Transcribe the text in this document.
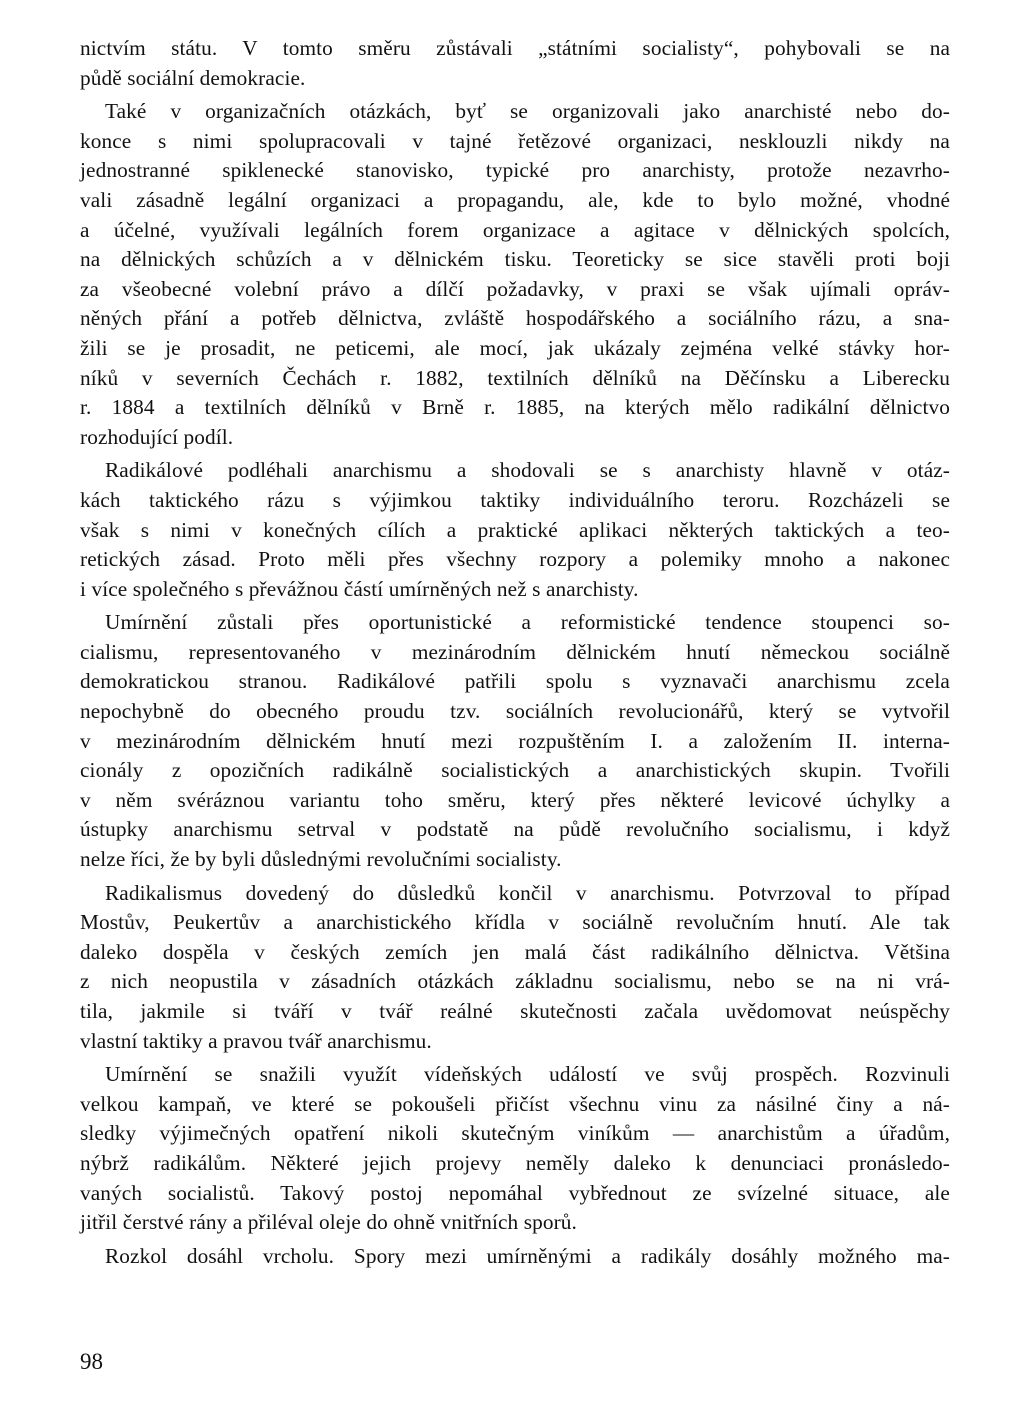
nictvím státu. V tomto směru zůstávali „státními socialisty“, pohybovali se na
půdě sociální demokracie.
Také v organizačních otázkách, byť se organizovali jako anarchisté nebo do-
konce s nimi spolupracovali v tajné řetězové organizaci, nesklouzli nikdy na
jednostranné spiklenecké stanovisko, typické pro anarchisty, protože nezavrho-
vali zásadně legální organizaci a propagandu, ale, kde to bylo možné, vhodné
a účelné, využívali legálních forem organizace a agitace v dělnických spolcích,
na dělnických schůzích a v dělnickém tisku. Teoreticky se sice stavěli proti boji
za všeobecné volební právo a dílčí požadavky, v praxi se však ujímali opráv-
něných přání a potřeb dělnictva, zvláště hospodářského a sociálního rázu, a sna-
žili se je prosadit, ne peticemi, ale mocí, jak ukázaly zejména velké stávky hor-
níků v severních Čechách r. 1882, textilních dělníků na Děčínsku a Liberecku
r. 1884 a textilních dělníků v Brně r. 1885, na kterých mělo radikální dělnictvo
rozhodující podíl.
Radikálové podléhali anarchismu a shodovali se s anarchisty hlavně v otáz-
kách taktického rázu s výjimkou taktiky individuálního teroru. Rozcházeli se
však s nimi v konečných cílích a praktické aplikaci některých taktických a teo-
retických zásad. Proto měli přes všechny rozpory a polemiky mnoho a nakonec
i více společného s převážnou částí umírněných než s anarchisty.
Umírnění zůstali přes oportunistické a reformistické tendence stoupenci so-
cialismu, representovaného v mezinárodním dělnickém hnutí německou sociálně
demokratickou stranou. Radikálové patřili spolu s vyznavači anarchismu zcela
nepochybně do obecného proudu tzv. sociálních revolucionářů, který se vytvořil
v mezinárodním dělnickém hnutí mezi rozpuštěním I. a založením II. interna-
cionály z opozičních radikálně socialistických a anarchistických skupin. Tvořili
v něm svéráznou variantu toho směru, který přes některé levicové úchylky a
ústupky anarchismu setrval v podstatě na půdě revolučního socialismu, i když
nelze říci, že by byli důslednými revolučními socialisty.
Radikalismus dovedený do důsledků končil v anarchismu. Potvrzoval to případ
Mostův, Peukertův a anarchistického křídla v sociálně revolučním hnutí. Ale tak
daleko dospěla v českých zemích jen malá část radikálního dělnictva. Většina
z nich neopustila v zásadních otázkách základnu socialismu, nebo se na ni vrá-
tila, jakmile si tváří v tvář reálné skutečnosti začala uvědomovat neúspěchy
vlastní taktiky a pravou tvář anarchismu.
Umírnění se snažili využít vídeňských událostí ve svůj prospěch. Rozvinuli
velkou kampaň, ve které se pokoušeli přičíst všechnu vinu za násilné činy a ná-
sledky výjimečných opatření nikoli skutečným viníkům — anarchistům a úřadům,
nýbrž radikálům. Některé jejich projevy neměly daleko k denunciaci pronásledo-
vaných socialistů. Takový postoj nepomáhal vybřednout ze svízelné situace, ale
jitřil čerstvé rány a přiléval oleje do ohně vnitřních sporů.
Rozkol dosáhl vrcholu. Spory mezi umírněnými a radikály dosáhly možného ma-
98
